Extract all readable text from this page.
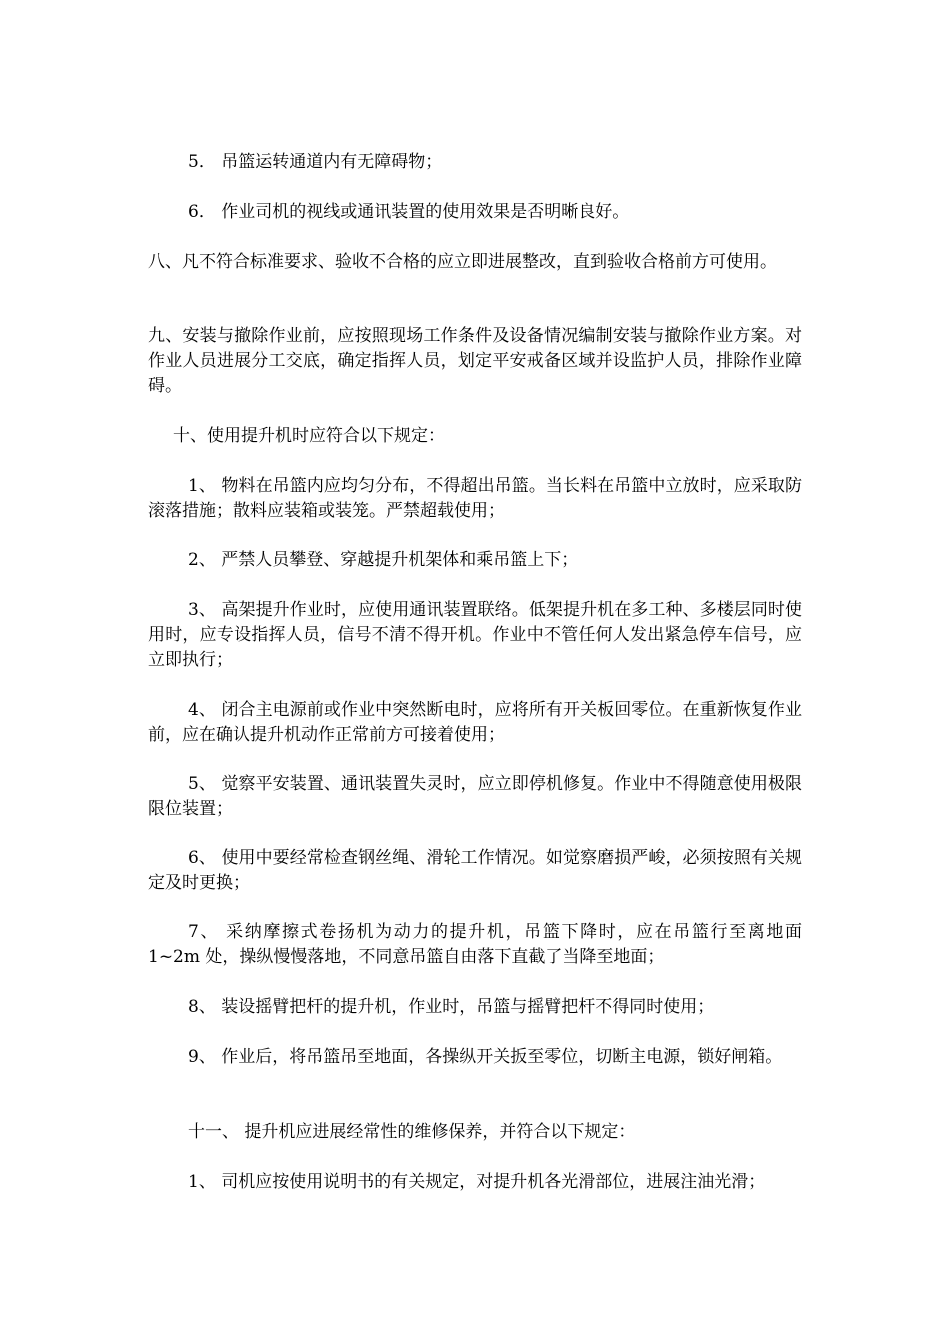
5． 吊篮运转通道内有无障碍物；

6． 作业司机的视线或通讯装置的使用效果是否明晰良好。

八、凡不符合标准要求、验收不合格的应立即进展整改，直到验收合格前方可使用。

九、安装与撤除作业前，应按照现场工作条件及设备情况编制安装与撤除作业方案。对作业人员进展分工交底，确定指挥人员，划定平安戒备区域并设监护人员，排除作业障碍。

十、使用提升机时应符合以下规定：

1、 物料在吊篮内应均匀分布，不得超出吊篮。当长料在吊篮中立放时，应采取防滚落措施；散料应装箱或装笼。严禁超载使用；

2、 严禁人员攀登、穿越提升机架体和乘吊篮上下；

3、 高架提升作业时，应使用通讯装置联络。低架提升机在多工种、多楼层同时使用时，应专设指挥人员，信号不清不得开机。作业中不管任何人发出紧急停车信号，应立即执行；

4、 闭合主电源前或作业中突然断电时，应将所有开关板回零位。在重新恢复作业前，应在确认提升机动作正常前方可接着使用；

5、 觉察平安装置、通讯装置失灵时，应立即停机修复。作业中不得随意使用极限限位装置；

6、 使用中要经常检查钢丝绳、滑轮工作情况。如觉察磨损严峻，必须按照有关规定及时更换；

7、 采纳摩擦式卷扬机为动力的提升机，吊篮下降时，应在吊篮行至离地面 1~2m 处，操纵慢慢落地，不同意吊篮自由落下直截了当降至地面；

8、 装设摇臂把杆的提升机，作业时，吊篮与摇臂把杆不得同时使用；

9、 作业后，将吊篮吊至地面，各操纵开关扳至零位，切断主电源，锁好闸箱。

十一、 提升机应进展经常性的维修保养，并符合以下规定：

1、 司机应按使用说明书的有关规定，对提升机各光滑部位，进展注油光滑；
